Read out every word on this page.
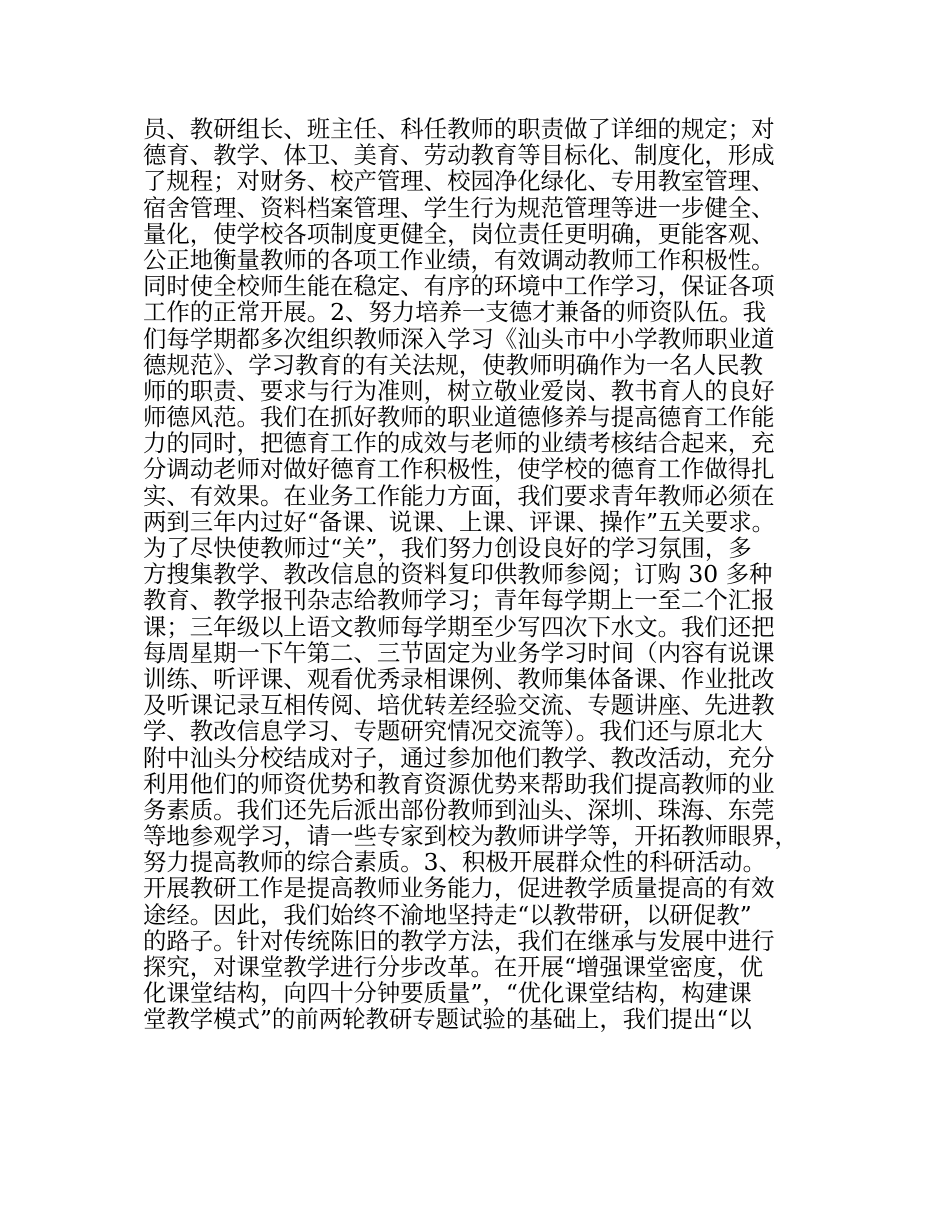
员、教研组长、班主任、科任教师的职责做了详细的规定；对
德育、教学、体卫、美育、劳动教育等目标化、制度化，形成
了规程；对财务、校产管理、校园净化绿化、专用教室管理、
宿舍管理、资料档案管理、学生行为规范管理等进一步健全、
量化，使学校各项制度更健全，岗位责任更明确，更能客观、
公正地衡量教师的各项工作业绩，有效调动教师工作积极性。
同时使全校师生能在稳定、有序的环境中工作学习，保证各项
工作的正常开展。2、努力培养一支德才兼备的师资队伍。我
们每学期都多次组织教师深入学习《汕头市中小学教师职业道
德规范》、学习教育的有关法规，使教师明确作为一名人民教
师的职责、要求与行为准则，树立敬业爱岗、教书育人的良好
师德风范。我们在抓好教师的职业道德修养与提高德育工作能
力的同时，把德育工作的成效与老师的业绩考核结合起来，充
分调动老师对做好德育工作积极性，使学校的德育工作做得扎
实、有效果。在业务工作能力方面，我们要求青年教师必须在
两到三年内过好“备课、说课、上课、评课、操作”五关要求。
为了尽快使教师过“关”，我们努力创设良好的学习氛围，多
方搜集教学、教改信息的资料复印供教师参阅；订购 30 多种
教育、教学报刊杂志给教师学习；青年每学期上一至二个汇报
课；三年级以上语文教师每学期至少写四次下水文。我们还把
每周星期一下午第二、三节固定为业务学习时间（内容有说课
训练、听评课、观看优秀录相课例、教师集体备课、作业批改
及听课记录互相传阅、培优转差经验交流、专题讲座、先进教
学、教改信息学习、专题研究情况交流等）。我们还与原北大
附中汕头分校结成对子，通过参加他们教学、教改活动，充分
利用他们的师资优势和教育资源优势来帮助我们提高教师的业
务素质。我们还先后派出部份教师到汕头、深圳、珠海、东莞
等地参观学习，请一些专家到校为教师讲学等，开拓教师眼界，
努力提高教师的综合素质。3、积极开展群众性的科研活动。
开展教研工作是提高教师业务能力，促进教学质量提高的有效
途经。因此，我们始终不渝地坚持走“以教带研，以研促教”
的路子。针对传统陈旧的教学方法，我们在继承与发展中进行
探究，对课堂教学进行分步改革。在开展“增强课堂密度，优
化课堂结构，向四十分钟要质量”，“优化课堂结构，构建课
堂教学模式”的前两轮教研专题试验的基础上，我们提出“以
